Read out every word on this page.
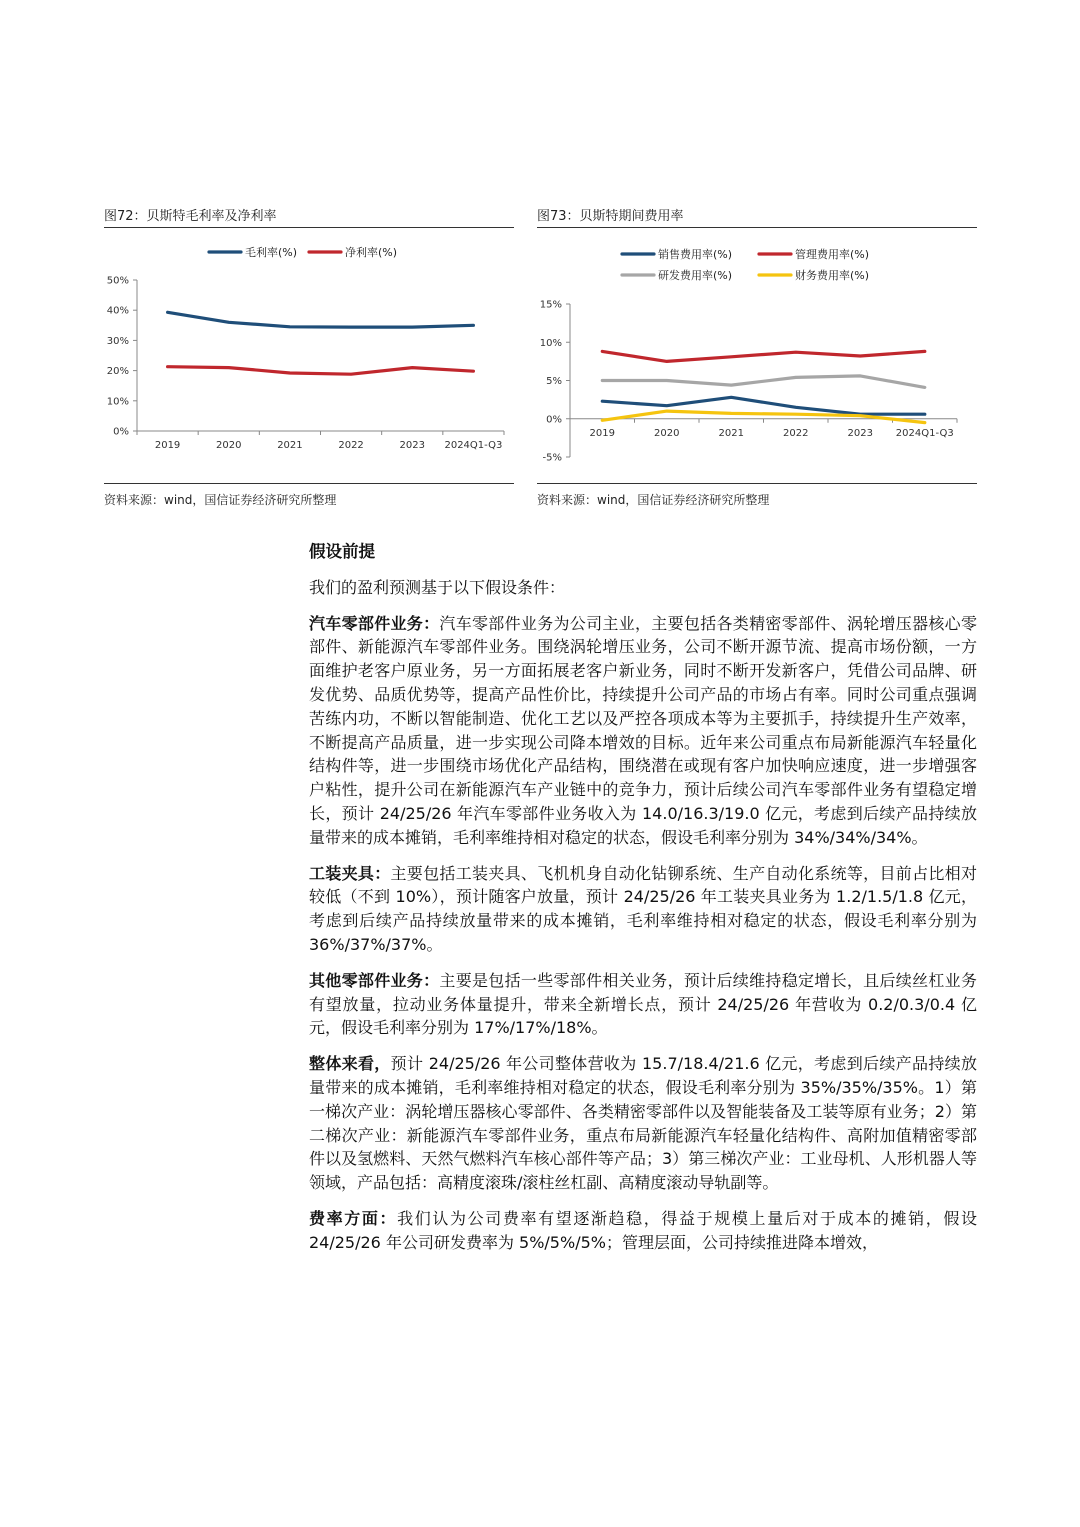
图72：贝斯特毛利率及净利率
0%
10%
20%
30%
40%
50%
2019	2020	2021	2022	2023 2024Q1-Q3
毛利率(%)	净利率(%)
资料来源：wind，国信证券经济研究所整理
图73：贝斯特期间费用率
-5%
0%
5%
10%
15%
2019	2020	2021	2022	2023 2024Q1-Q3
销售费用率(%)	管理费用率(%)
研发费用率(%)	财务费用率(%)
资料来源：wind，国信证券经济研究所整理
假设前提

我们的盈利预测基于以下假设条件：

汽车零部件业务：汽车零部件业务为公司主业，主要包括各类精密零部件、涡轮增压器核心零部件、新能源汽车零部件业务。围绕涡轮增压业务，公司不断开源节流、提高市场份额，一方面维护老客户原业务，另一方面拓展老客户新业务，同时不断开发新客户，凭借公司品牌、研发优势、品质优势等，提高产品性价比，持续提升公司产品的市场占有率。同时公司重点强调苦练内功，不断以智能制造、优化工艺以及严控各项成本等为主要抓手，持续提升生产效率，不断提高产品质量，进一步实现公司降本增效的目标。近年来公司重点布局新能源汽车轻量化结构件等，进一步围绕市场优化产品结构，围绕潜在或现有客户加快响应速度，进一步增强客户粘性，提升公司在新能源汽车产业链中的竞争力，预计后续公司汽车零部件业务有望稳定增长，预计 24/25/26 年汽车零部件业务收入为 14.0/16.3/19.0 亿元，考虑到后续产品持续放量带来的成本摊销，毛利率维持相对稳定的状态，假设毛利率分别为 34%/34%/34%。

工装夹具：主要包括工装夹具、飞机机身自动化钻铆系统、生产自动化系统等，目前占比相对较低（不到 10%），预计随客户放量，预计 24/25/26 年工装夹具业务为 1.2/1.5/1.8 亿元，考虑到后续产品持续放量带来的成本摊销，毛利率维持相对稳定的状态，假设毛利率分别为 36%/37%/37%。

其他零部件业务：主要是包括一些零部件相关业务，预计后续维持稳定增长，且后续丝杠业务有望放量，拉动业务体量提升，带来全新增长点，预计 24/25/26 年营收为 0.2/0.3/0.4 亿元，假设毛利率分别为 17%/17%/18%。

整体来看，预计 24/25/26 年公司整体营收为 15.7/18.4/21.6 亿元，考虑到后续产品持续放量带来的成本摊销，毛利率维持相对稳定的状态，假设毛利率分别为 35%/35%/35%。1）第一梯次产业：涡轮增压器核心零部件、各类精密零部件以及智能装备及工装等原有业务；2）第二梯次产业：新能源汽车零部件业务，重点布局新能源汽车轻量化结构件、高附加值精密零部件以及氢燃料、天然气燃料汽车核心部件等产品；3）第三梯次产业：工业母机、人形机器人等领域，产品包括：高精度滚珠/滚柱丝杠副、高精度滚动导轨副等。

费率方面：我们认为公司费率有望逐渐趋稳，得益于规模上量后对于成本的摊销，假设 24/25/26 年公司研发费率为 5%/5%/5%；管理层面，公司持续推进降本增效，
